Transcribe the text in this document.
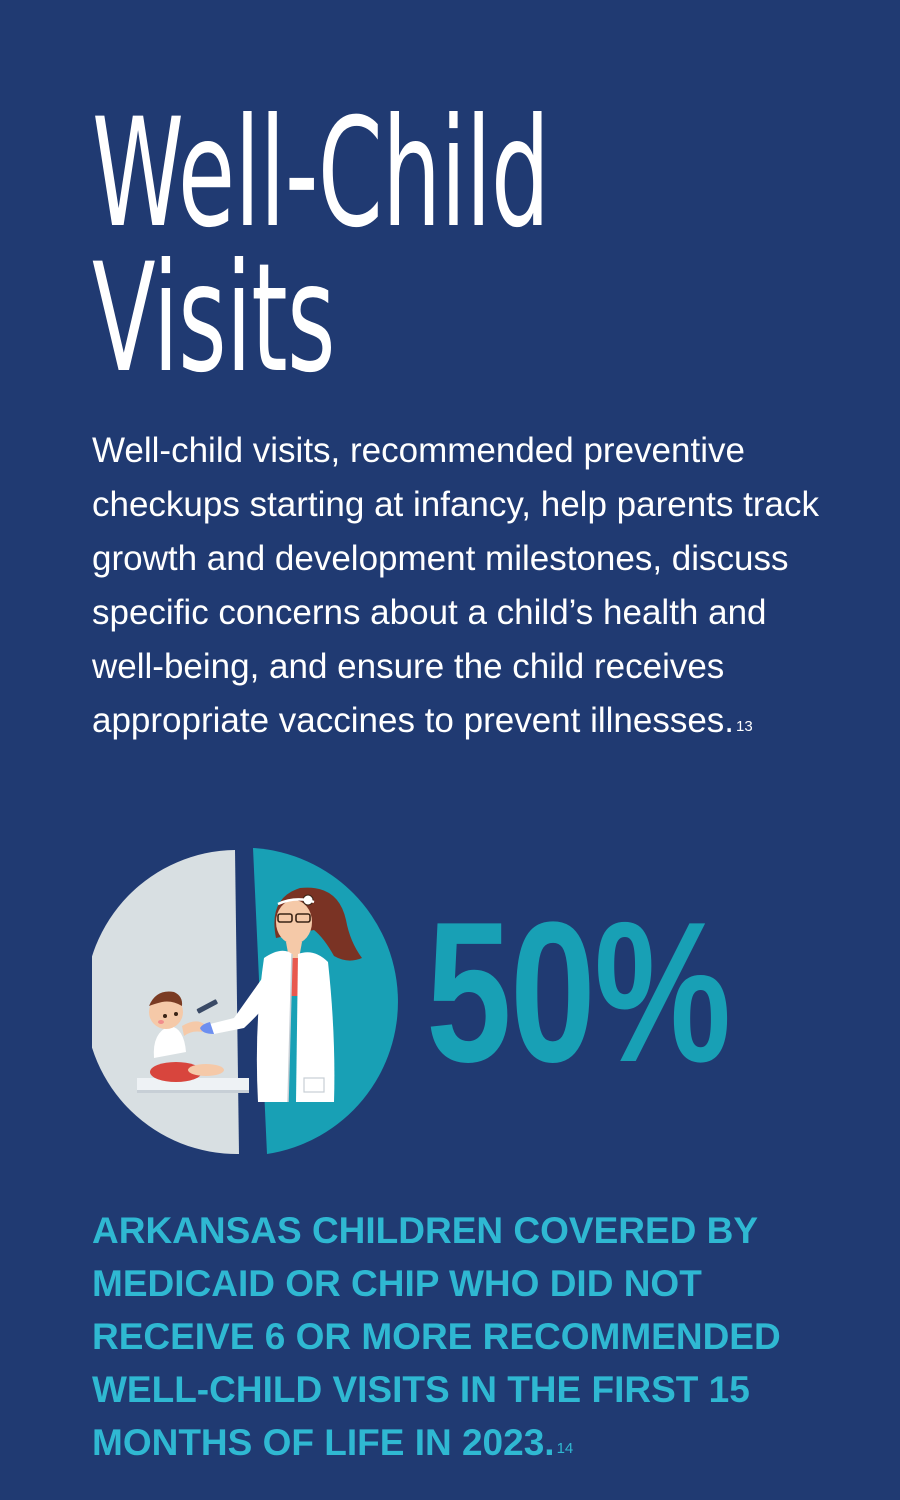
Well-Child
Visits

Well-child visits, recommended preventive checkups starting at infancy, help parents track growth and development milestones, discuss specific concerns about a child’s health and well-being, and ensure the child receives appropriate vaccines to prevent illnesses. $^{13}$

50%

ARKANSAS CHILDREN COVERED BY MEDICAID OR CHIP WHO DID NOT RECEIVE 6 OR MORE RECOMMENDED WELL-CHILD VISITS IN THE FIRST 15 MONTHS OF LIFE IN 2023. $^{14}$
